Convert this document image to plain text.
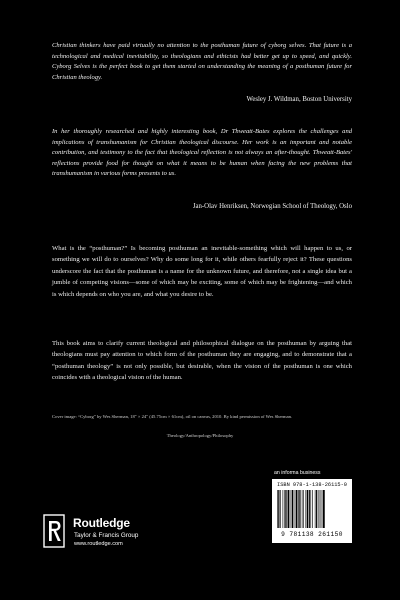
Christian thinkers have paid virtually no attention to the posthuman future of cyborg selves. That future is a technological and medical inevitability, so theologians and ethicists had better get up to speed, and quickly. Cyborg Selves is the perfect book to get them started on understanding the meaning of a posthuman future for Christian theology.

Wesley J. Wildman, Boston University

In her thoroughly researched and highly interesting book, Dr Thweatt-Bates explores the challenges and implications of transhumanism for Christian theological discourse. Her work is an important and notable contribution, and testimony to the fact that theological reflection is not always an after-thought. Thweatt-Bates' reflections provide food for thought on what it means to be human when facing the new problems that transhumanism in various forms presents to us.

Jan-Olav Henriksen, Norwegian School of Theology, Oslo

What is the “posthuman?” Is becoming posthuman an inevitable-something which will happen to us, or something we will do to ourselves? Why do some long for it, while others fearfully reject it? These questions underscore the fact that the posthuman is a name for the unknown future, and therefore, not a single idea but a jumble of competing visions—some of which may be exciting, some of which may be frightening—and which is which depends on who you are, and what you desire to be.

This book aims to clarify current theological and philosophical dialogue on the posthuman by arguing that theologians must pay attention to which form of the posthuman they are engaging, and to demonstrate that a “posthuman theology” is not only possible, but desirable, when the vision of the posthuman is one which coincides with a theological vision of the human.

Cover image: “Cyborg” by Wes Sherman, 18″ × 24″ (45.75cm × 61cm), oil on canvas, 2010. By kind permission of Wes Sherman.

Theology/Anthropology/Philosophy

Routledge
Taylor & Francis Group
www.routledge.com
an informa business
ISBN 978-1-138-26115-0
9 781138 261150
